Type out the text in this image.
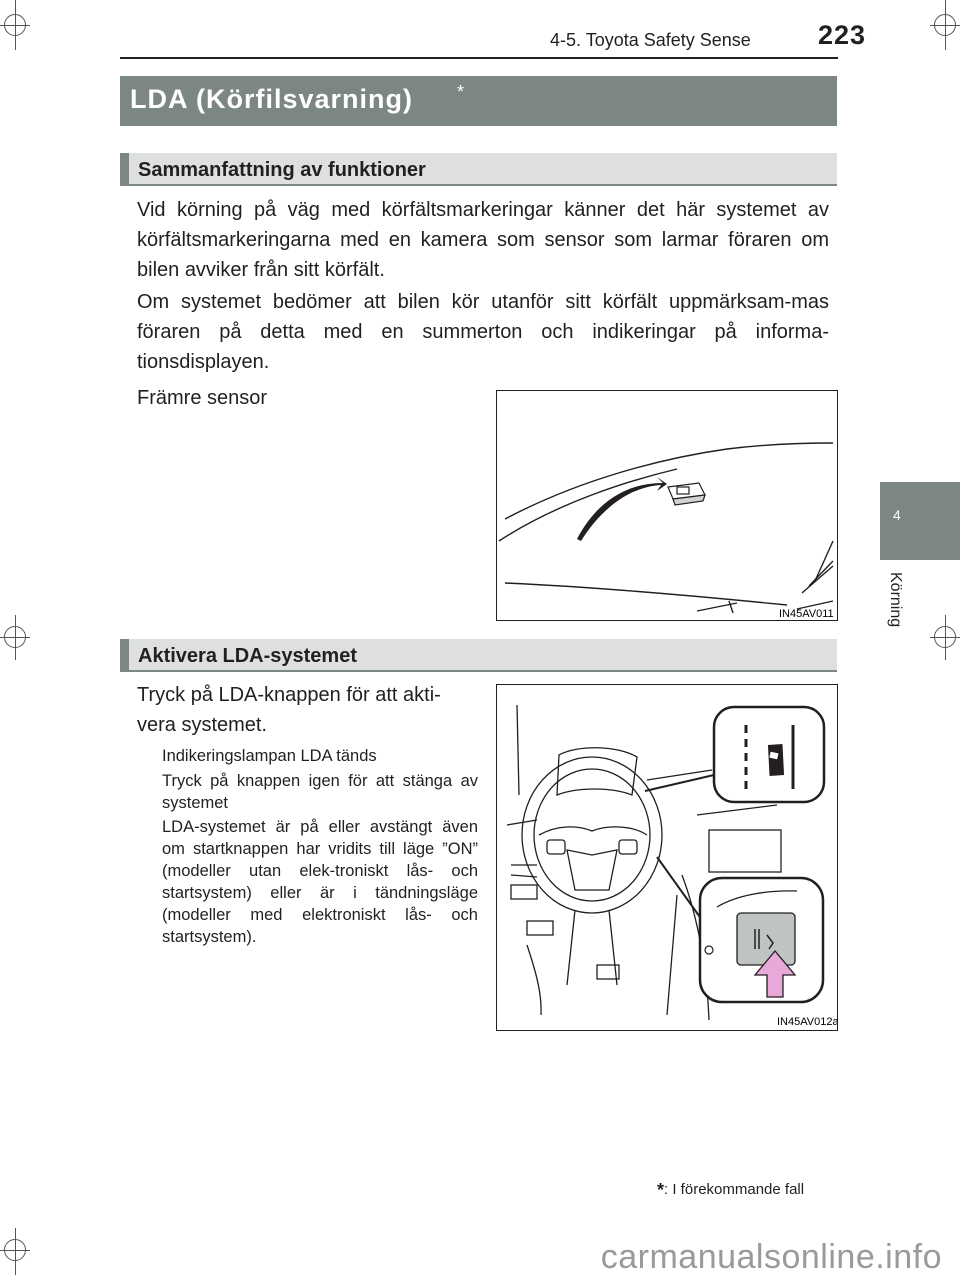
4-5. Toyota Safety Sense 223
LDA (Körfilsvarning) *
4
Körning
Sammanfattning av funktioner
Vid körning på väg med körfältsmarkeringar känner det här systemet av körfältsmarkeringarna med en kamera som sensor som larmar föraren om bilen avviker från sitt körfält.
Om systemet bedömer att bilen kör utanför sitt körfält uppmärksam-mas föraren på detta med en summerton och indikeringar på informa-tionsdisplayen.
Främre sensor
IN45AV011
Aktivera LDA-systemet
Tryck på LDA-knappen för att akti-vera systemet.
Indikeringslampan LDA tänds
Tryck på knappen igen för att stänga av systemet
LDA-systemet är på eller avstängt även om startknappen har vridits till läge ”ON” (modeller utan elek-troniskt lås- och startsystem) eller är i tändningsläge (modeller med elektroniskt lås- och startsystem).
IN45AV012a
*: I förekommande fall
carmanualsonline.info
